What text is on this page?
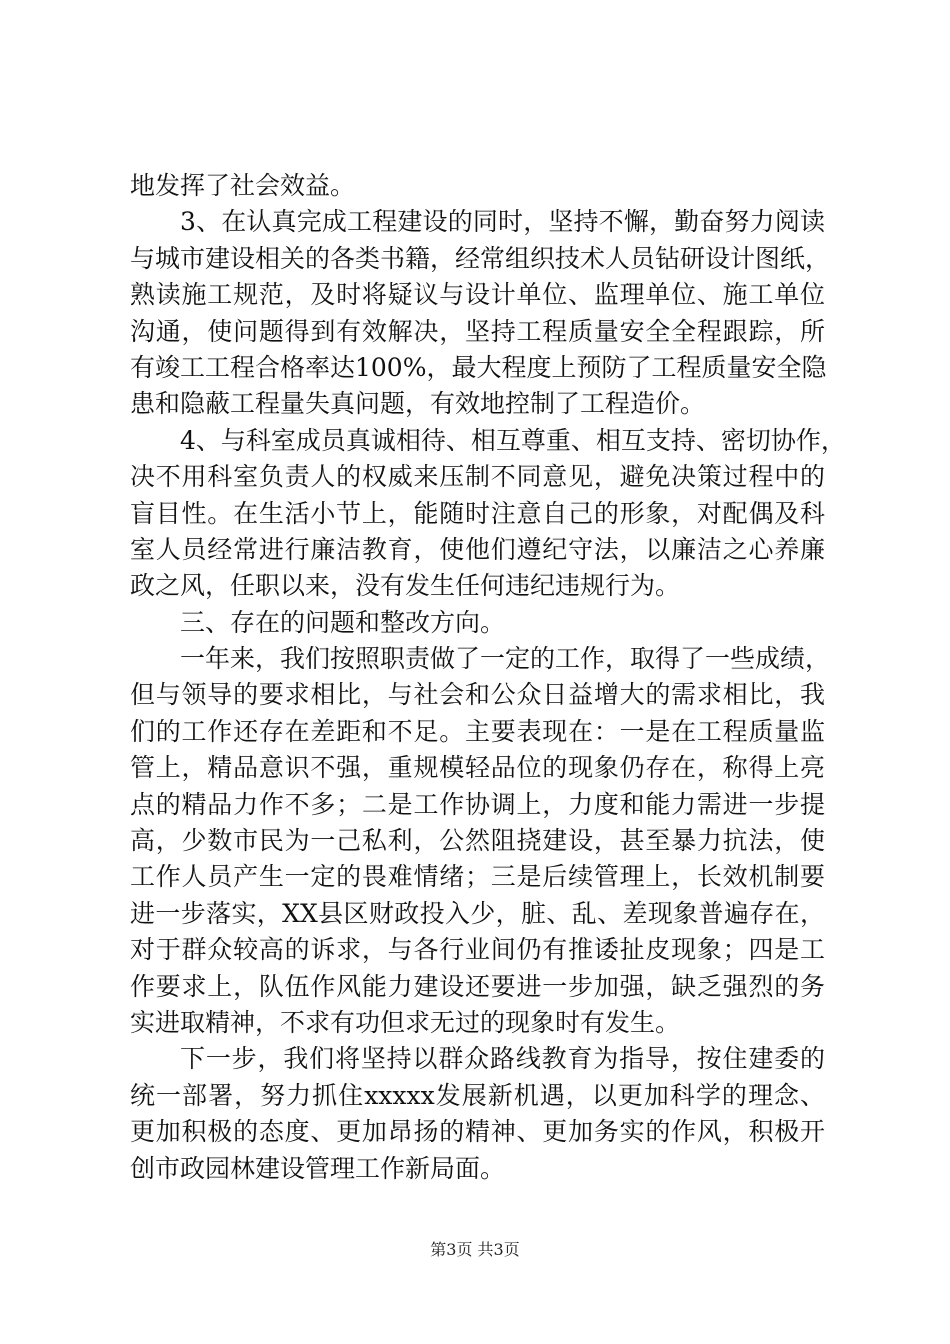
地发挥了社会效益。
3、在认真完成工程建设的同时，坚持不懈，勤奋努力阅读
与城市建设相关的各类书籍，经常组织技术人员钻研设计图纸，
熟读施工规范，及时将疑议与设计单位、监理单位、施工单位
沟通，使问题得到有效解决，坚持工程质量安全全程跟踪，所
有竣工工程合格率达100%，最大程度上预防了工程质量安全隐
患和隐蔽工程量失真问题，有效地控制了工程造价。
4、与科室成员真诚相待、相互尊重、相互支持、密切协作，
决不用科室负责人的权威来压制不同意见，避免决策过程中的
盲目性。在生活小节上，能随时注意自己的形象，对配偶及科
室人员经常进行廉洁教育，使他们遵纪守法，以廉洁之心养廉
政之风，任职以来，没有发生任何违纪违规行为。
三、存在的问题和整改方向。
一年来，我们按照职责做了一定的工作，取得了一些成绩，
但与领导的要求相比，与社会和公众日益增大的需求相比，我
们的工作还存在差距和不足。主要表现在：一是在工程质量监
管上，精品意识不强，重规模轻品位的现象仍存在，称得上亮
点的精品力作不多；二是工作协调上，力度和能力需进一步提
高，少数市民为一己私利，公然阻挠建设，甚至暴力抗法，使
工作人员产生一定的畏难情绪；三是后续管理上，长效机制要
进一步落实，XX县区财政投入少，脏、乱、差现象普遍存在，
对于群众较高的诉求，与各行业间仍有推诿扯皮现象；四是工
作要求上，队伍作风能力建设还要进一步加强，缺乏强烈的务
实进取精神，不求有功但求无过的现象时有发生。
下一步，我们将坚持以群众路线教育为指导，按住建委的
统一部署，努力抓住xxxxx发展新机遇，以更加科学的理念、
更加积极的态度、更加昂扬的精神、更加务实的作风，积极开
创市政园林建设管理工作新局面。
第3页 共3页
